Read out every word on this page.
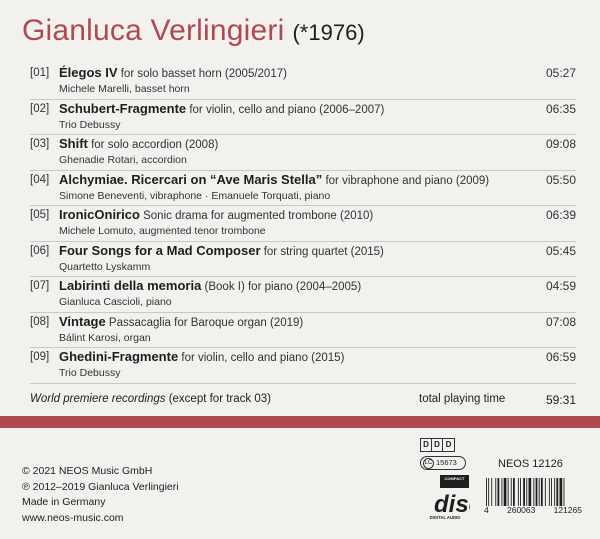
Gianluca Verlingieri (*1976)
[01] Élegos IV for solo basset horn (2005/2017)	05:27
Michele Marelli, basset horn
[02] Schubert-Fragmente for violin, cello and piano (2006–2007)	06:35
Trio Debussy
[03] Shift for solo accordion (2008)	09:08
Ghenadie Rotari, accordion
[04] Alchymiae. Ricercari on “Ave Maris Stella” for vibraphone and piano (2009)	05:50
Simone Beneventi, vibraphone · Emanuele Torquati, piano
[05] IronicOnirico Sonic drama for augmented trombone (2010)	06:39
Michele Lomuto, augmented tenor trombone
[06] Four Songs for a Mad Composer for string quartet (2015)	05:45
Quartetto Lyskamm
[07] Labirinti della memoria (Book I) for piano (2004–2005)	04:59
Gianluca Cascioli, piano
[08] Vintage Passacaglia for Baroque organ (2019)	07:08
Bálint Karosi, organ
[09] Ghedini-Fragmente for violin, cello and piano (2015)	06:59
Trio Debussy
World premiere recordings (except for track 03)	total playing time	59:31
© 2021 NEOS Music GmbH
℗ 2012–2019 Gianluca Verlingieri
Made in Germany
www.neos-music.com
D D D
LC 15673
COMPACT
dis
DIGITAL AUDIO
NEOS 12126
4 260063 121265
